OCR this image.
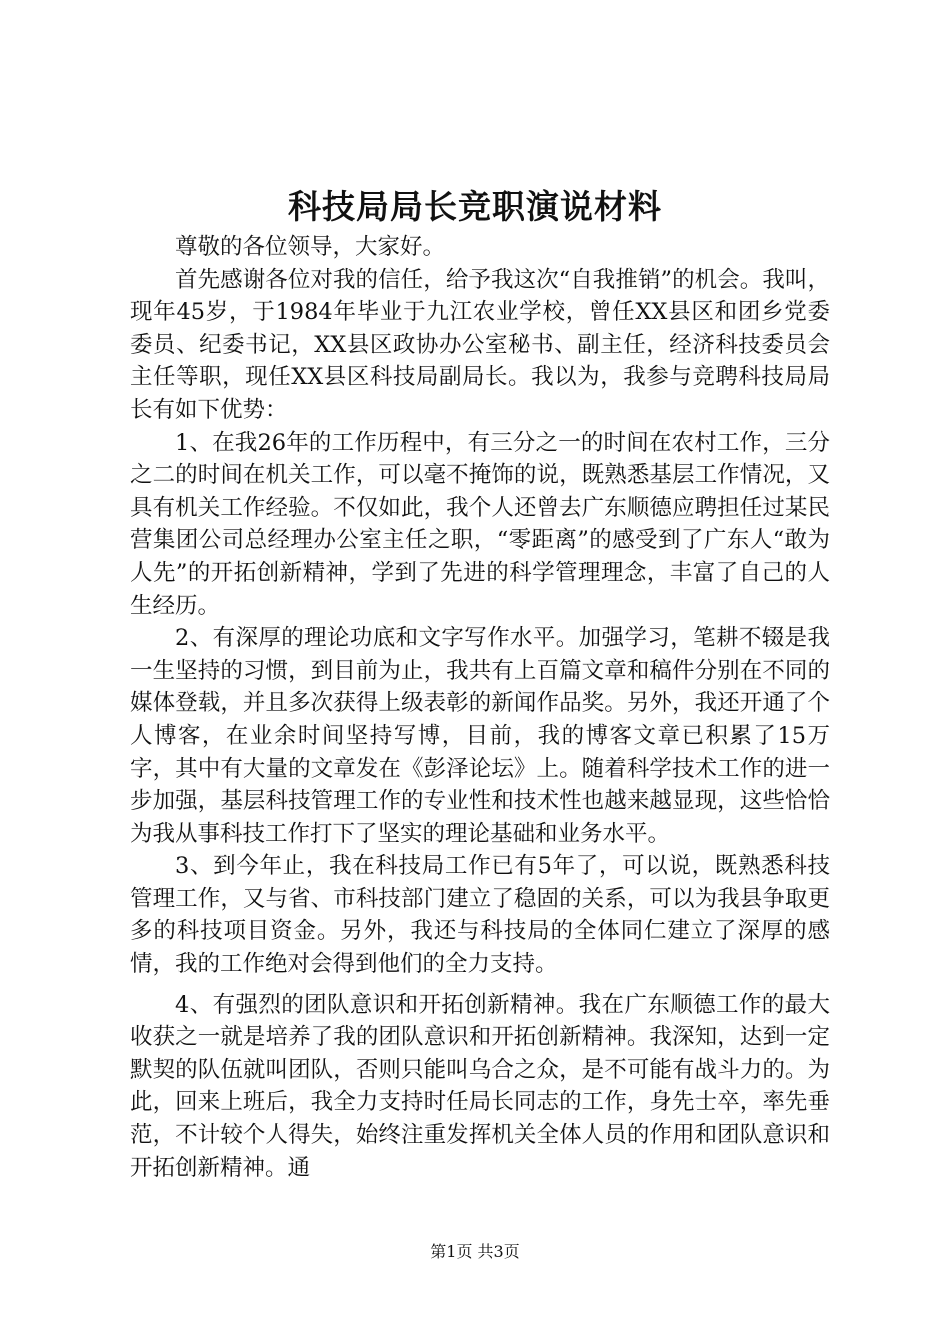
科技局局长竞职演说材料

尊敬的各位领导，大家好。

首先感谢各位对我的信任，给予我这次“自我推销”的机会。我叫，现年45岁，于1984年毕业于九江农业学校，曾任XX县区和团乡党委委员、纪委书记，XX县区政协办公室秘书、副主任，经济科技委员会主任等职，现任XX县区科技局副局长。我以为，我参与竞聘科技局局长有如下优势：

1、在我26年的工作历程中，有三分之一的时间在农村工作，三分之二的时间在机关工作，可以毫不掩饰的说，既熟悉基层工作情况，又具有机关工作经验。不仅如此，我个人还曾去广东顺德应聘担任过某民营集团公司总经理办公室主任之职，“零距离”的感受到了广东人“敢为人先”的开拓创新精神，学到了先进的科学管理理念，丰富了自己的人生经历。

2、有深厚的理论功底和文字写作水平。加强学习，笔耕不辍是我一生坚持的习惯，到目前为止，我共有上百篇文章和稿件分别在不同的媒体登载，并且多次获得上级表彰的新闻作品奖。另外，我还开通了个人博客，在业余时间坚持写博，目前，我的博客文章已积累了15万字，其中有大量的文章发在《彭泽论坛》上。随着科学技术工作的进一步加强，基层科技管理工作的专业性和技术性也越来越显现，这些恰恰为我从事科技工作打下了坚实的理论基础和业务水平。

3、到今年止，我在科技局工作已有5年了，可以说，既熟悉科技管理工作，又与省、市科技部门建立了稳固的关系，可以为我县争取更多的科技项目资金。另外，我还与科技局的全体同仁建立了深厚的感情，我的工作绝对会得到他们的全力支持。

4、有强烈的团队意识和开拓创新精神。我在广东顺德工作的最大收获之一就是培养了我的团队意识和开拓创新精神。我深知，达到一定默契的队伍就叫团队，否则只能叫乌合之众，是不可能有战斗力的。为此，回来上班后，我全力支持时任局长同志的工作，身先士卒，率先垂范，不计较个人得失，始终注重发挥机关全体人员的作用和团队意识和开拓创新精神。通

第1页 共3页
